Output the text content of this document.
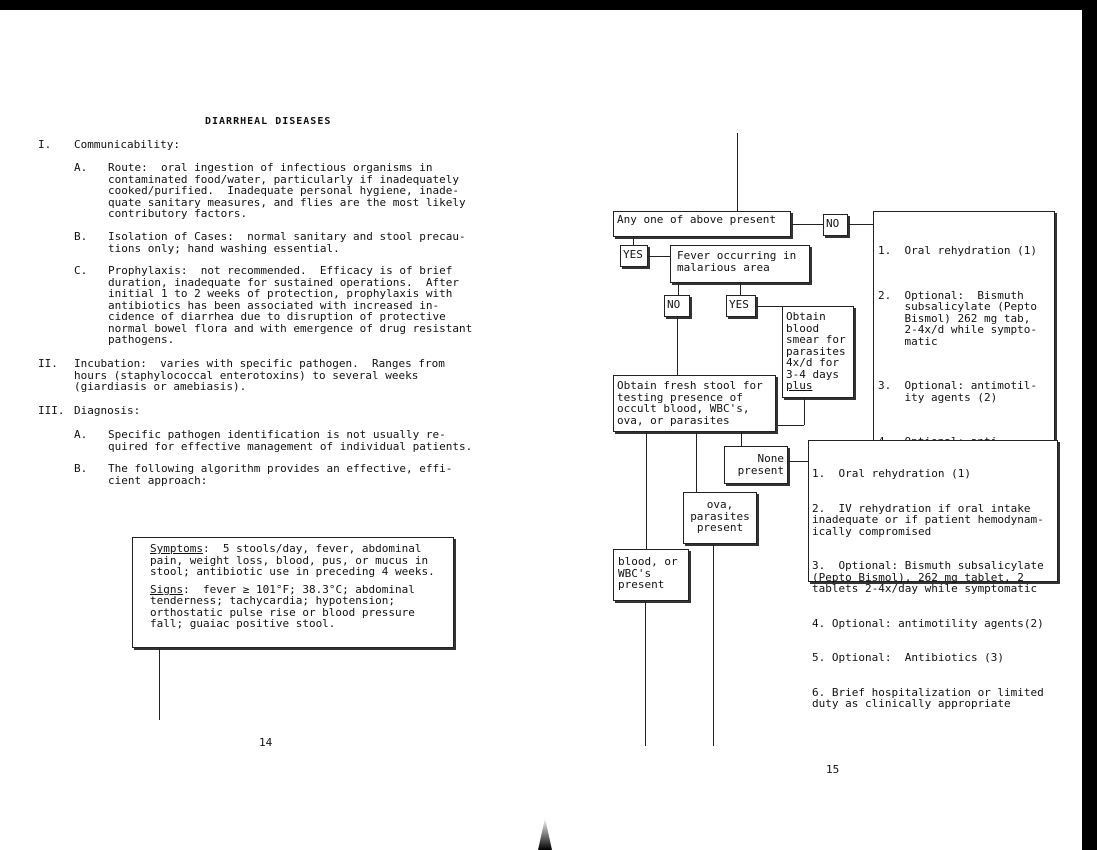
DIARRHEAL DISEASES
I. Communicability:
A. Route:  oral ingestion of infectious organisms in
contaminated food/water, particularly if inadequately
cooked/purified.  Inadequate personal hygiene, inade-
quate sanitary measures, and flies are the most likely
contributory factors.
B. Isolation of Cases:  normal sanitary and stool precau-
tions only; hand washing essential.
C. Prophylaxis:  not recommended.  Efficacy is of brief
duration, inadequate for sustained operations.  After
initial 1 to 2 weeks of protection, prophylaxis with
antibiotics has been associated with increased in-
cidence of diarrhea due to disruption of protective
normal bowel flora and with emergence of drug resistant
pathogens.
II. Incubation:  varies with specific pathogen.  Ranges from
hours (staphylococcal enterotoxins) to several weeks
(giardiasis or amebiasis).
III. Diagnosis:
A. Specific pathogen identification is not usually re-
quired for effective management of individual patients.
B. The following algorithm provides an effective, effi-
cient approach:

Symptoms:  5 stools/day, fever, abdominal
pain, weight loss, blood, pus, or mucus in
stool; antibiotic use in preceding 4 weeks.

Signs:  fever ≥ 101°F; 38.3°C; abdominal
tenderness; tachycardia; hypotension;
orthostatic pulse rise or blood pressure
fall; guaiac positive stool.

14
Any one of above present	NO

1.  Oral rehydration (1)

2.  Optional:  Bismuth
subsalicylate (Pepto
Bismol) 262 mg tab,
2-4x/d while sympto-
matic

3.  Optional: antimotil-
ity agents (2)

YES	Fever occurring in
malarious area
NO	YES
Obtain
blood
smear for
parasites
4x/d for
3-4 days
plus
Obtain fresh stool for
testing presence of
occult blood, WBC's,
ova, or parasites
None
present

	1.  Oral rehydration (1)

2.  IV rehydration if oral intake
inadequate or if patient hemodynam-
ically compromised

3.  Optional: Bismuth subsalicylate
(Pepto Bismol), 262 mg tablet, 2
tablets 2-4x/day while symptomatic

4. Optional: antimotility agents(2)

5. Optional:  Antibiotics (3)

6. Brief hospitalization or limited
duty as clinically appropriate

ova,
parasites
present
blood, or
WBC's
present
15
